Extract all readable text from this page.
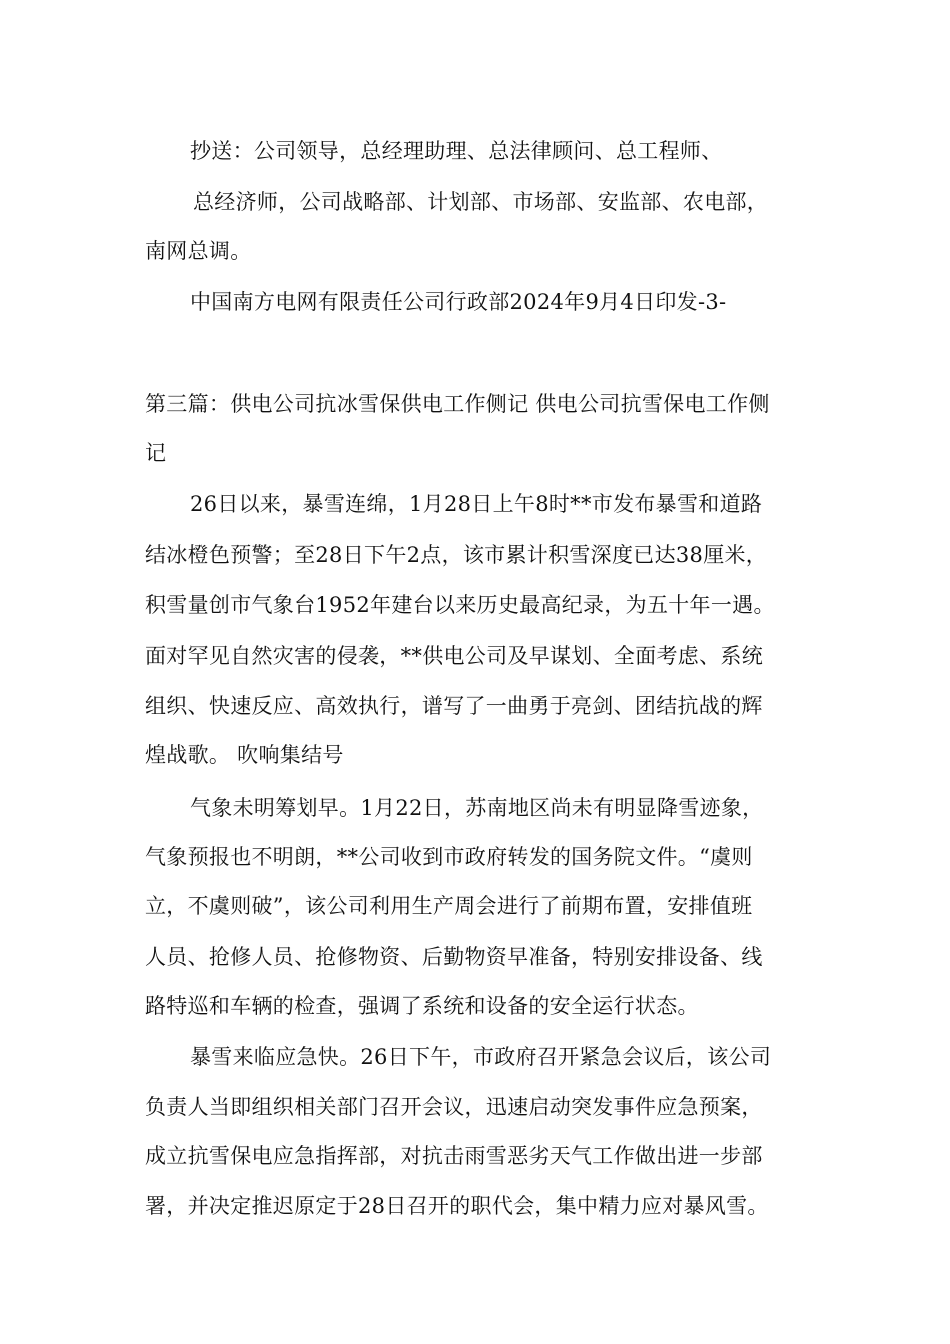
抄送：公司领导，总经理助理、总法律顾问、总工程师、
总经济师，公司战略部、计划部、市场部、安监部、农电部，
南网总调。
中国南方电网有限责任公司行政部2024年9月4日印发-3-
第三篇：供电公司抗冰雪保供电工作侧记 供电公司抗雪保电工作侧
记
26日以来，暴雪连绵，1月28日上午8时**市发布暴雪和道路
结冰橙色预警；至28日下午2点，该市累计积雪深度已达38厘米，
积雪量创市气象台1952年建台以来历史最高纪录，为五十年一遇。
面对罕见自然灾害的侵袭，**供电公司及早谋划、全面考虑、系统
组织、快速反应、高效执行，谱写了一曲勇于亮剑、团结抗战的辉
煌战歌。 吹响集结号
气象未明筹划早。1月22日，苏南地区尚未有明显降雪迹象，
气象预报也不明朗，**公司收到市政府转发的国务院文件。“虞则
立，不虞则破”，该公司利用生产周会进行了前期布置，安排值班
人员、抢修人员、抢修物资、后勤物资早准备，特别安排设备、线
路特巡和车辆的检查，强调了系统和设备的安全运行状态。
暴雪来临应急快。26日下午，市政府召开紧急会议后，该公司
负责人当即组织相关部门召开会议，迅速启动突发事件应急预案，
成立抗雪保电应急指挥部，对抗击雨雪恶劣天气工作做出进一步部
署，并决定推迟原定于28日召开的职代会，集中精力应对暴风雪。
